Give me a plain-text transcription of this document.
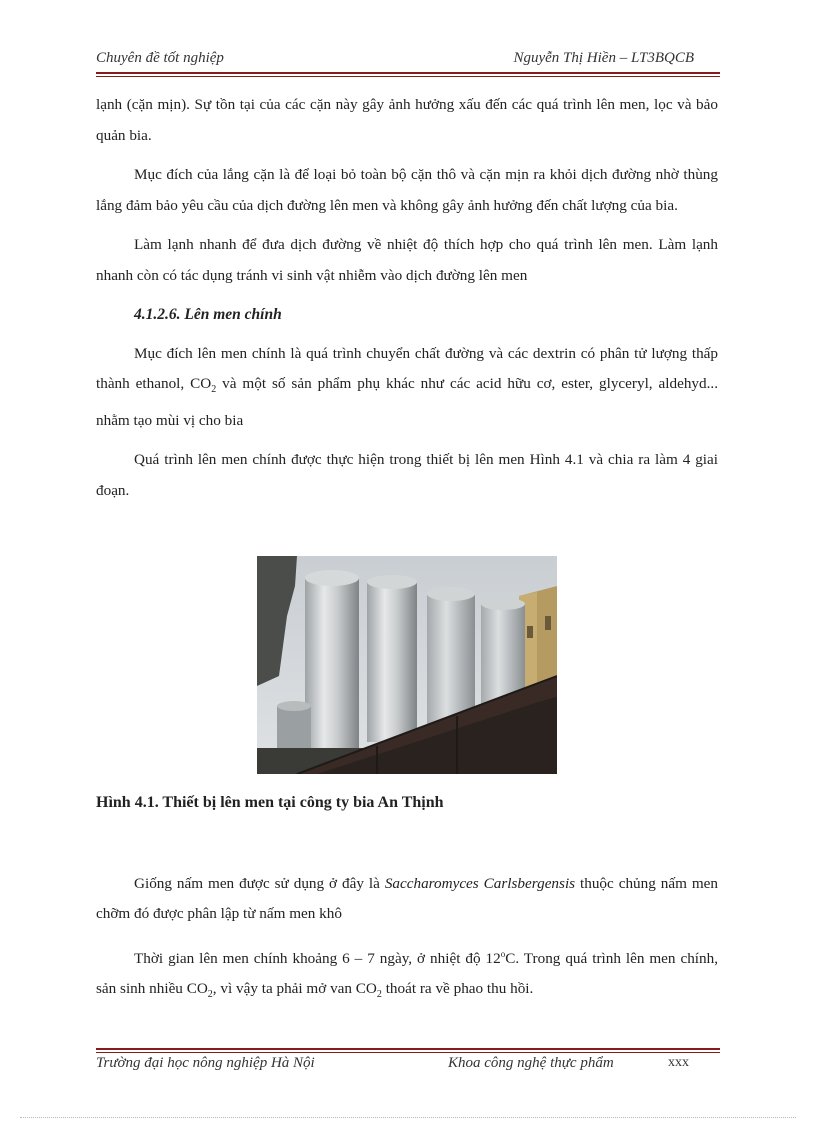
Chuyên đề tốt nghiệp	Nguyễn Thị Hiền – LT3BQCB

lạnh (cặn mịn). Sự tồn tại của các cặn này gây ảnh hưởng xấu đến các quá trình lên men, lọc và bảo quản bia.

Mục đích của lắng cặn là để loại bỏ toàn bộ cặn thô và cặn mịn ra khỏi dịch đường nhờ thùng lắng đảm bảo yêu cầu của dịch đường lên men và không gây ảnh hưởng đến chất lượng của bia.

Làm lạnh nhanh để đưa dịch đường về nhiệt độ thích hợp cho quá trình lên men. Làm lạnh nhanh còn có tác dụng tránh vi sinh vật nhiễm vào dịch đường lên men

4.1.2.6. Lên men chính

Mục đích lên men chính là quá trình chuyển chất đường và các dextrin có phân tử lượng thấp thành ethanol, $CO_2$ và một số sản phẩm phụ khác như các acid hữu cơ, ester, glyceryl, aldehyd... nhằm tạo mùi vị cho bia

Quá trình lên men chính được thực hiện trong thiết bị lên men Hình 4.1 và chia ra làm 4 giai đoạn.

Hình 4.1. Thiết bị lên men tại công ty bia An Thịnh

Giống nấm men được sử dụng ở đây là Saccharomyces Carlsbergensis thuộc chủng nấm men chỡm đó được phân lập từ nấm men khô

Thời gian lên men chính khoảng 6 – 7 ngày, ở nhiệt độ 12$^o$C. Trong quá trình lên men chính, sản sinh nhiều $CO_2$, vì vậy ta phải mở van $CO_2$ thoát ra về phao thu hồi.

Trường đại học nông nghiệp Hà Nội	Khoa công nghệ thực phẩm	xxx
